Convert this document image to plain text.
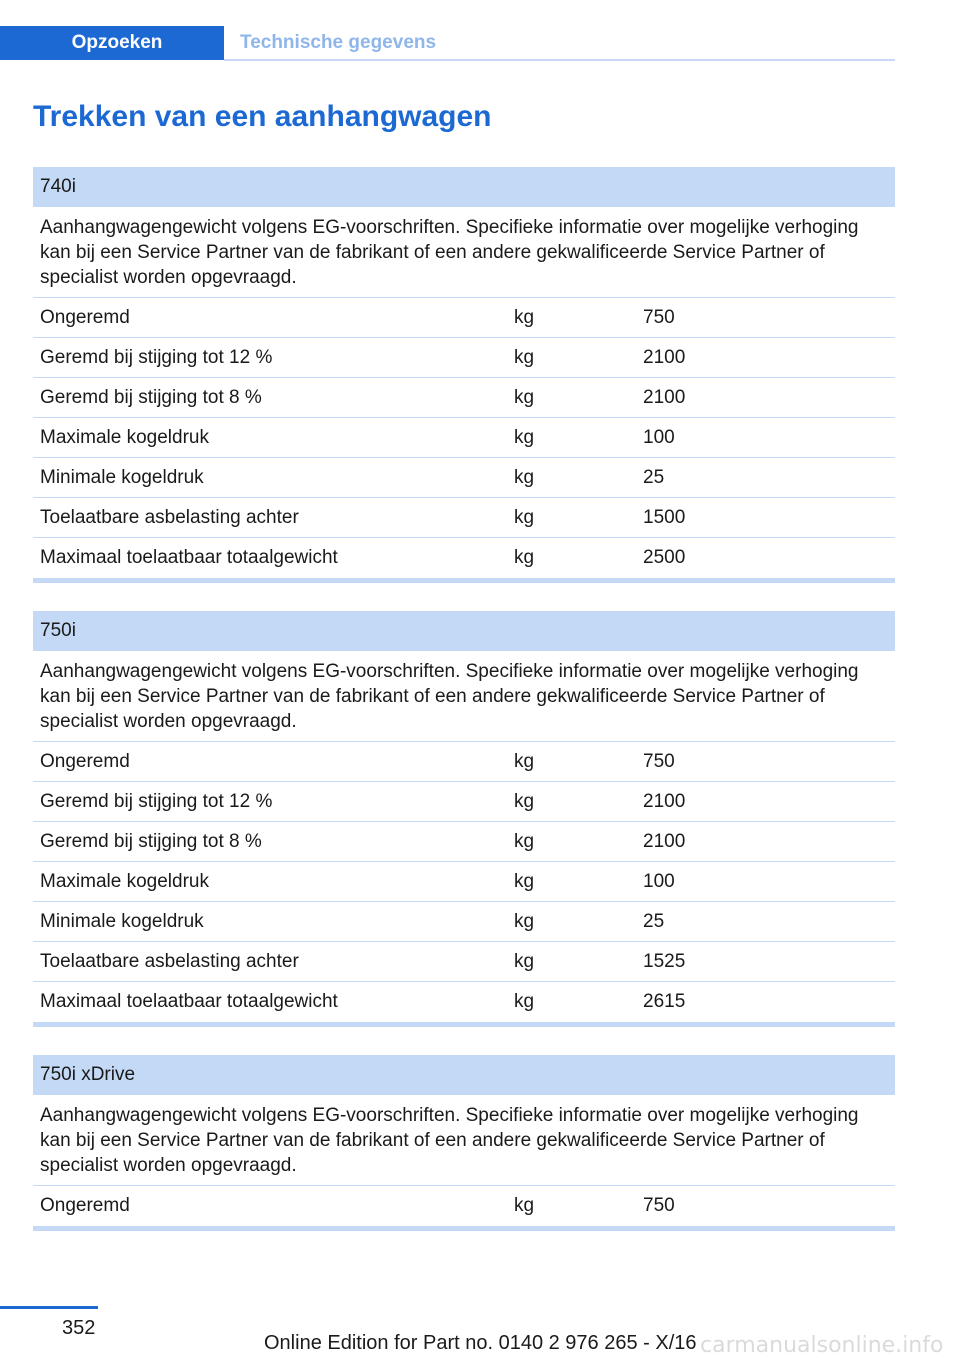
Opzoeken	Technische gegevens
Trekken van een aanhangwagen
740i
Aanhangwagengewicht volgens EG-voorschriften. Specifieke informatie over mogelijke verhoging kan bij een Service Partner van de fabrikant of een andere gekwalificeerde Service Partner of specialist worden opgevraagd.
Ongeremd	kg	750
Geremd bij stijging tot 12 %	kg	2100
Geremd bij stijging tot 8 %	kg	2100
Maximale kogeldruk	kg	100
Minimale kogeldruk	kg	25
Toelaatbare asbelasting achter	kg	1500
Maximaal toelaatbaar totaalgewicht	kg	2500
750i
Aanhangwagengewicht volgens EG-voorschriften. Specifieke informatie over mogelijke verhoging kan bij een Service Partner van de fabrikant of een andere gekwalificeerde Service Partner of specialist worden opgevraagd.
Ongeremd	kg	750
Geremd bij stijging tot 12 %	kg	2100
Geremd bij stijging tot 8 %	kg	2100
Maximale kogeldruk	kg	100
Minimale kogeldruk	kg	25
Toelaatbare asbelasting achter	kg	1525
Maximaal toelaatbaar totaalgewicht	kg	2615
750i xDrive
Aanhangwagengewicht volgens EG-voorschriften. Specifieke informatie over mogelijke verhoging kan bij een Service Partner van de fabrikant of een andere gekwalificeerde Service Partner of specialist worden opgevraagd.
Ongeremd	kg	750
352
Online Edition for Part no. 0140 2 976 265 - X/16 carmanualsonline.info
